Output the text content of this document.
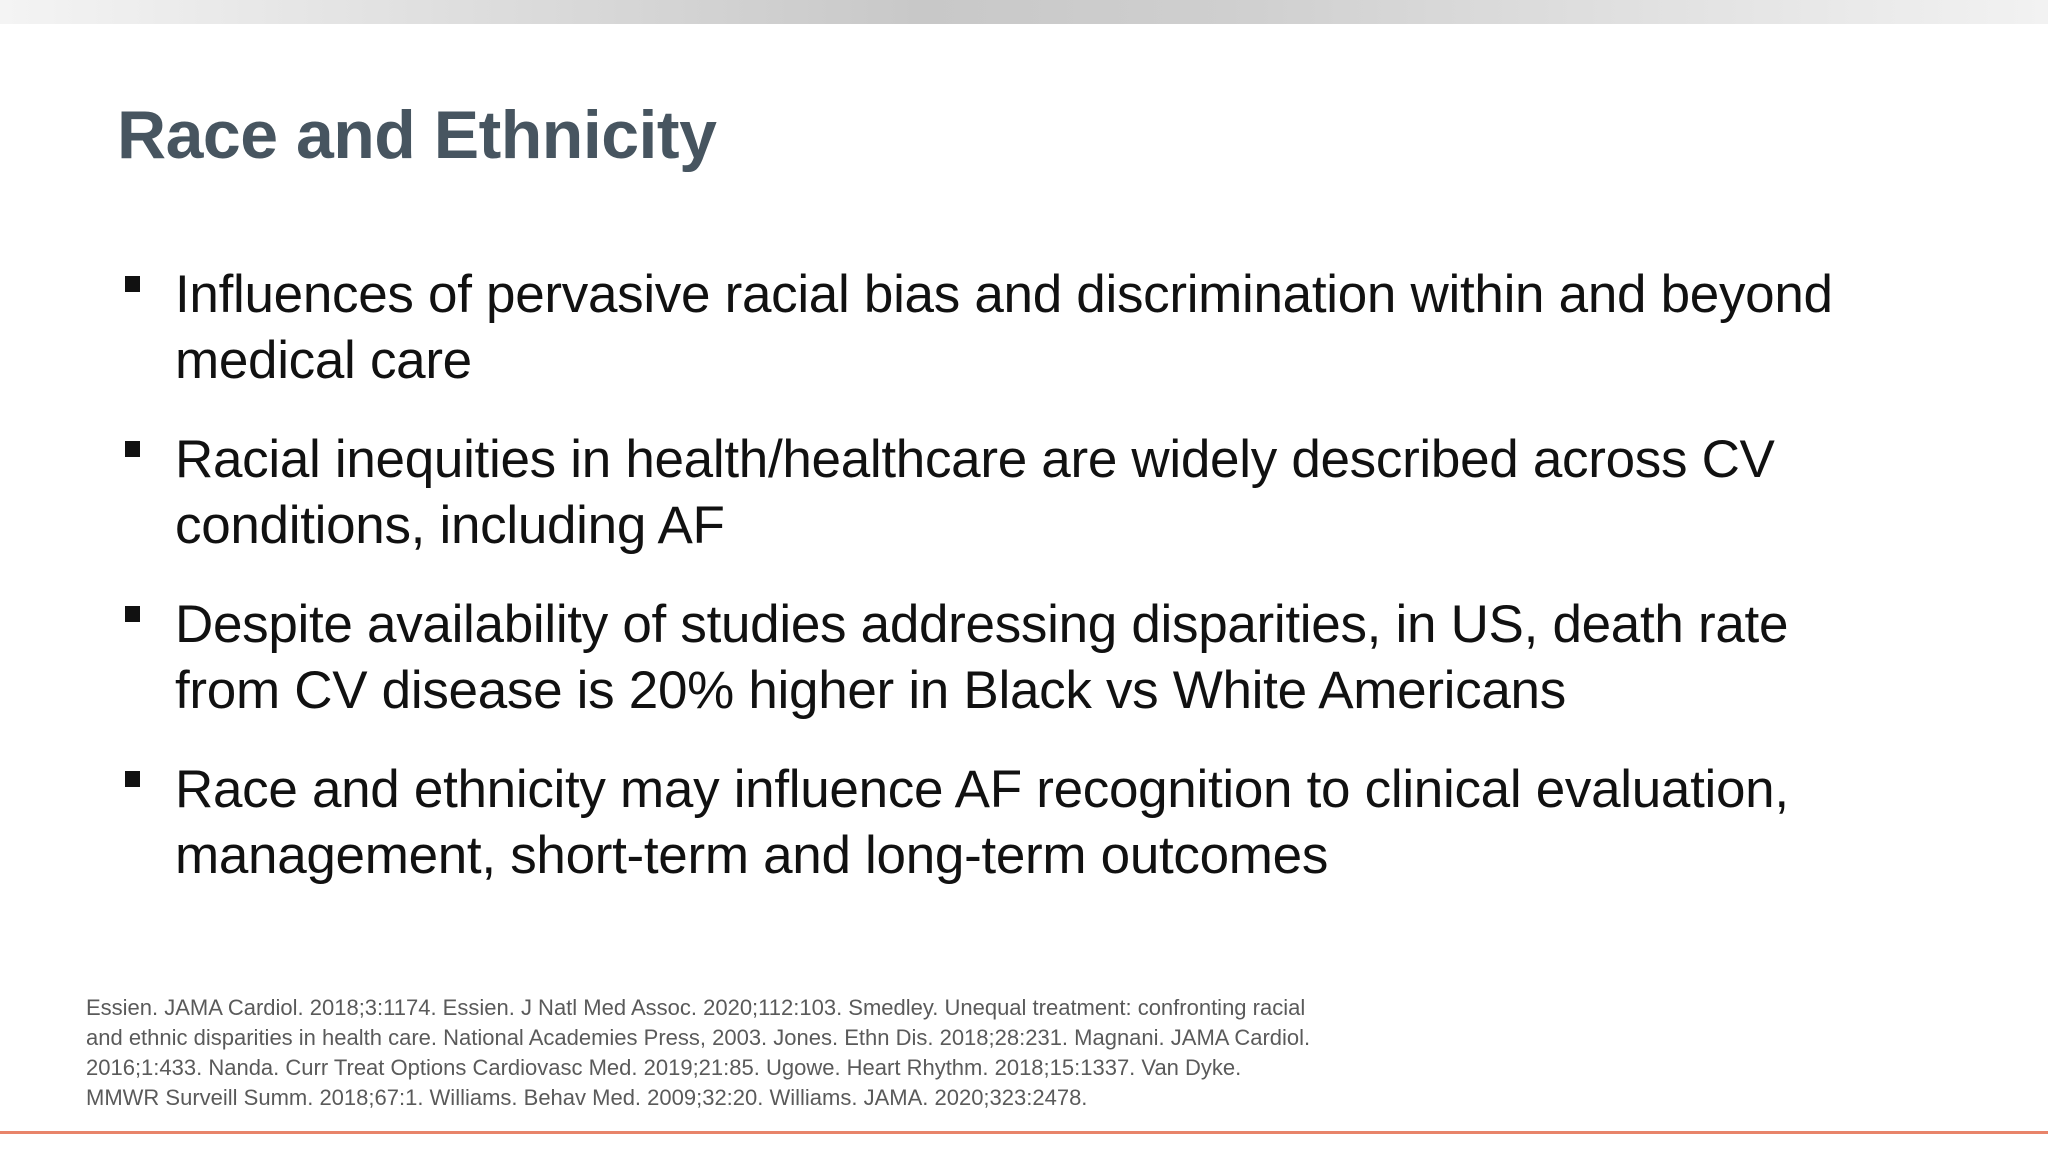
Race and Ethnicity
Influences of pervasive racial bias and discrimination within and beyond
medical care
Racial inequities in health/healthcare are widely described across CV
conditions, including AF
Despite availability of studies addressing disparities, in US, death rate
from CV disease is 20% higher in Black vs White Americans
Race and ethnicity may influence AF recognition to clinical evaluation,
management, short-term and long-term outcomes
Essien. JAMA Cardiol. 2018;3:1174. Essien. J Natl Med Assoc. 2020;112:103. Smedley. Unequal treatment: confronting racial
and ethnic disparities in health care. National Academies Press, 2003. Jones. Ethn Dis. 2018;28:231. Magnani. JAMA Cardiol.
2016;1:433. Nanda. Curr Treat Options Cardiovasc Med. 2019;21:85. Ugowe. Heart Rhythm. 2018;15:1337. Van Dyke.
MMWR Surveill Summ. 2018;67:1. Williams. Behav Med. 2009;32:20. Williams. JAMA. 2020;323:2478.
